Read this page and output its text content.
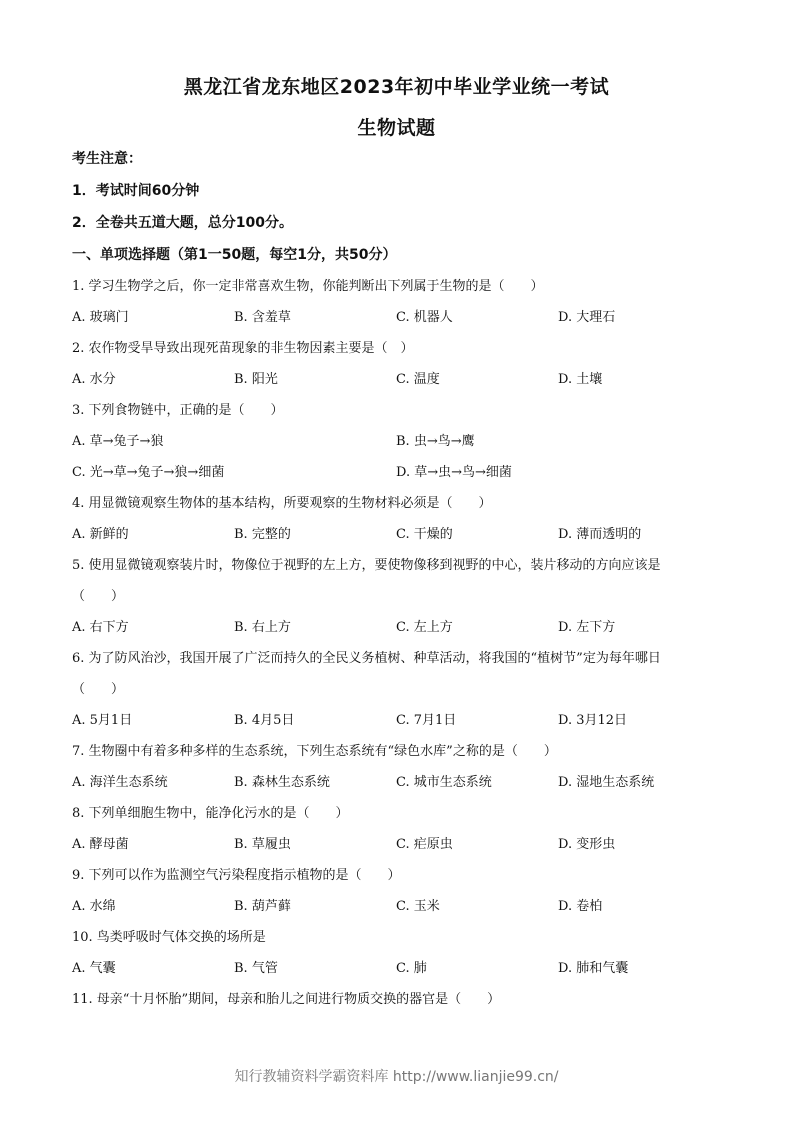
黑龙江省龙东地区2023年初中毕业学业统一考试
生物试题
考生注意：
1．考试时间60分钟
2．全卷共五道大题，总分100分。
一、单项选择题（第1一50题，每空1分，共50分）
1. 学习生物学之后，你一定非常喜欢生物，你能判断出下列属于生物的是（　　）
A. 玻璃门	B. 含羞草	C. 机器人	D. 大理石
2. 农作物受旱导致出现死苗现象的非生物因素主要是（　）
A. 水分	B. 阳光	C. 温度	D. 土壤
3. 下列食物链中，正确的是（　　）
A. 草→兔子→狼	B. 虫→鸟→鹰
C. 光→草→兔子→狼→细菌	D. 草→虫→鸟→细菌
4. 用显微镜观察生物体的基本结构，所要观察的生物材料必须是（　　）
A. 新鲜的	B. 完整的	C. 干燥的	D. 薄而透明的
5. 使用显微镜观察装片时，物像位于视野的左上方，要使物像移到视野的中心，装片移动的方向应该是
（　　）
A. 右下方	B. 右上方	C. 左上方	D. 左下方
6. 为了防风治沙，我国开展了广泛而持久的全民义务植树、种草活动，将我国的“植树节”定为每年哪日
（　　）
A. 5月1日	B. 4月5日	C. 7月1日	D. 3月12日
7. 生物圈中有着多种多样的生态系统，下列生态系统有“绿色水库”之称的是（　　）
A. 海洋生态系统	B. 森林生态系统	C. 城市生态系统	D. 湿地生态系统
8. 下列单细胞生物中，能净化污水的是（　　）
A. 酵母菌	B. 草履虫	C. 疟原虫	D. 变形虫
9. 下列可以作为监测空气污染程度指示植物的是（　　）
A. 水绵	B. 葫芦藓	C. 玉米	D. 卷柏
10. 鸟类呼吸时气体交换的场所是
A. 气囊	B. 气管	C. 肺	D. 肺和气囊
11. 母亲“十月怀胎”期间，母亲和胎儿之间进行物质交换的器官是（　　）
知行教辅资料学霸资料库 http://www.lianjie99.cn/
